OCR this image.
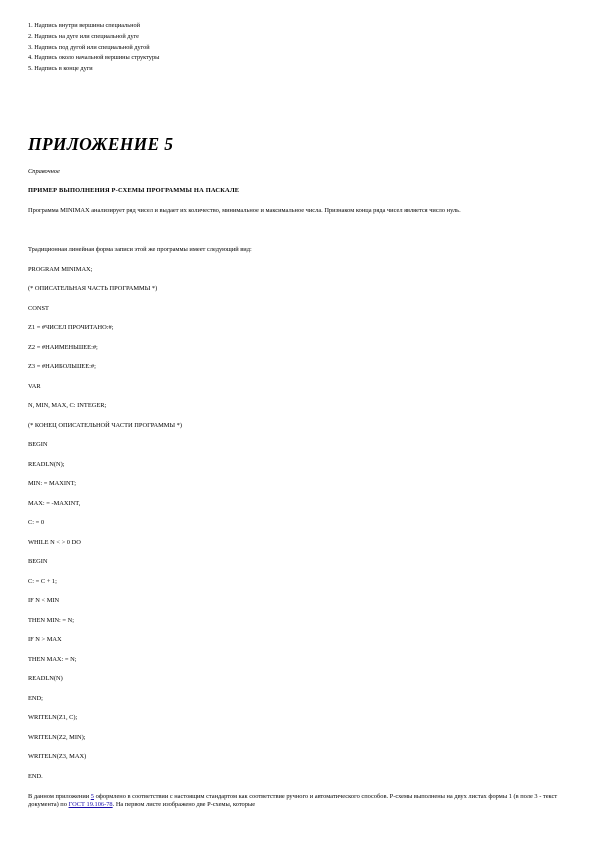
1. Надпись внутри вершины специальной
2. Надпись на дуге или специальной дуге
3. Надпись под дугой или специальной дугой
4. Надпись около начальной вершины структуры
5. Надпись в конце дуги
ПРИЛОЖЕНИЕ 5
Справочное
ПРИМЕР ВЫПОЛНЕНИЯ Р-СХЕМЫ ПРОГРАММЫ НА ПАСКАЛЕ
Программа MINIMAX анализирует ряд чисел и выдает их количество, минимальное и максимальное числа. Признаком конца ряда чисел является число нуль.
Традиционная линейная форма записи этой же программы имеет следующий вид:
PROGRAM MINIMAX;
(* ОПИСАТЕЛЬНАЯ ЧАСТЬ ПРОГРАММЫ *)
CONST
Z1 = #ЧИСЕЛ ПРОЧИТАНО:#;
Z2 = #НАИМЕНЬШЕЕ:#;
Z3 = #НАИБОЛЬШЕЕ:#;
VAR
N, MIN, MAX, C: INTEGER;
(* КОНЕЦ ОПИСАТЕЛЬНОЙ ЧАСТИ ПРОГРАММЫ *)
BEGIN
READLN(N);
MIN: = MAXINT;
MAX: = -MAXINT,
C: = 0
WHILE N < > 0 DO
BEGIN
C: = C + 1;
IF N < MIN
THEN MIN: = N;
IF N > MAX
THEN MAX: = N;
READLN(N)
END;
WRITELN(Z1, C);
WRITELN(Z2, MIN);
WRITELN(Z3, MAX)
END.
В данном приложении 5 оформлено в соответствии с настоящим стандартом как соответствие ручного и автоматического способов. Р-схемы выполнены на двух листах формы 1 (в поле 3 - текст документа) по ГОСТ 19.106-78. На первом листе изображено две Р-схемы, которые
